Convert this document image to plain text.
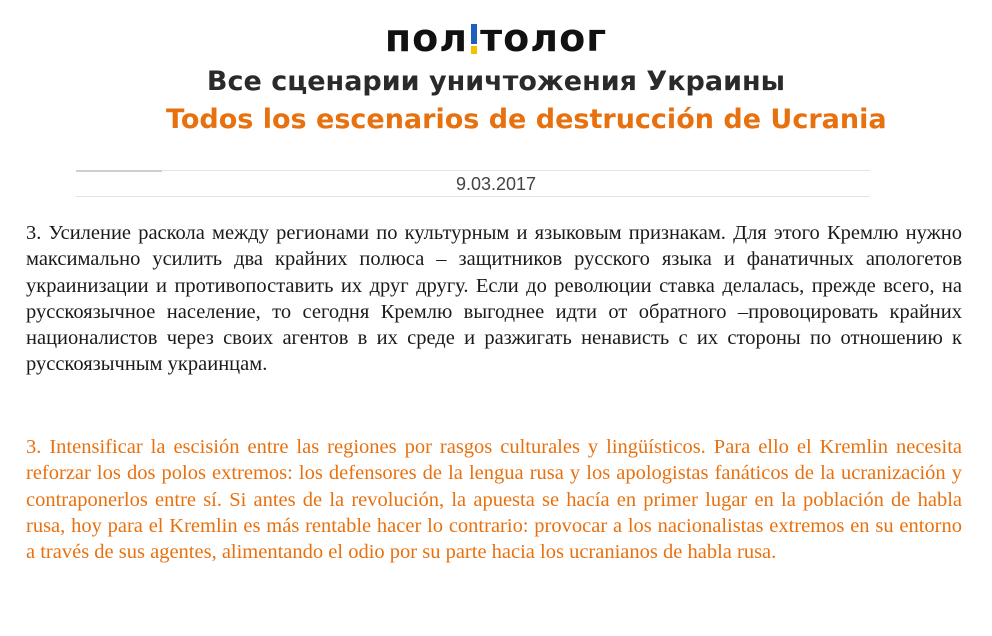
пол толог
Все сценарии уничтожения Украины
Todos los escenarios de destrucción de Ucrania
9.03.2017

3. Усиление раскола между регионами по культурным и языковым признакам. Для этого Кремлю нужно максимально усилить два крайних полюса – защитников русского языка и фанатичных апологетов украинизации и противопоставить их друг другу. Если до революции ставка делалась, прежде всего, на русскоязычное население, то сегодня Кремлю выгоднее идти от обратного –провоцировать крайних националистов через своих агентов в их среде и разжигать ненависть с их стороны по отношению к русскоязычным украинцам.

3. Intensificar la escisión entre las regiones por rasgos culturales y lingüísticos. Para ello el Kremlin necesita reforzar los dos polos extremos: los defensores de la lengua rusa y los apologistas fanáticos de la ucranización y contraponerlos entre sí. Si antes de la revolución, la apuesta se hacía en primer lugar en la población de habla rusa, hoy para el Kremlin es más rentable hacer lo contrario: provocar a los nacionalistas extremos en su entorno a través de sus agentes, alimentando el odio por su parte hacia los ucranianos de habla rusa.
